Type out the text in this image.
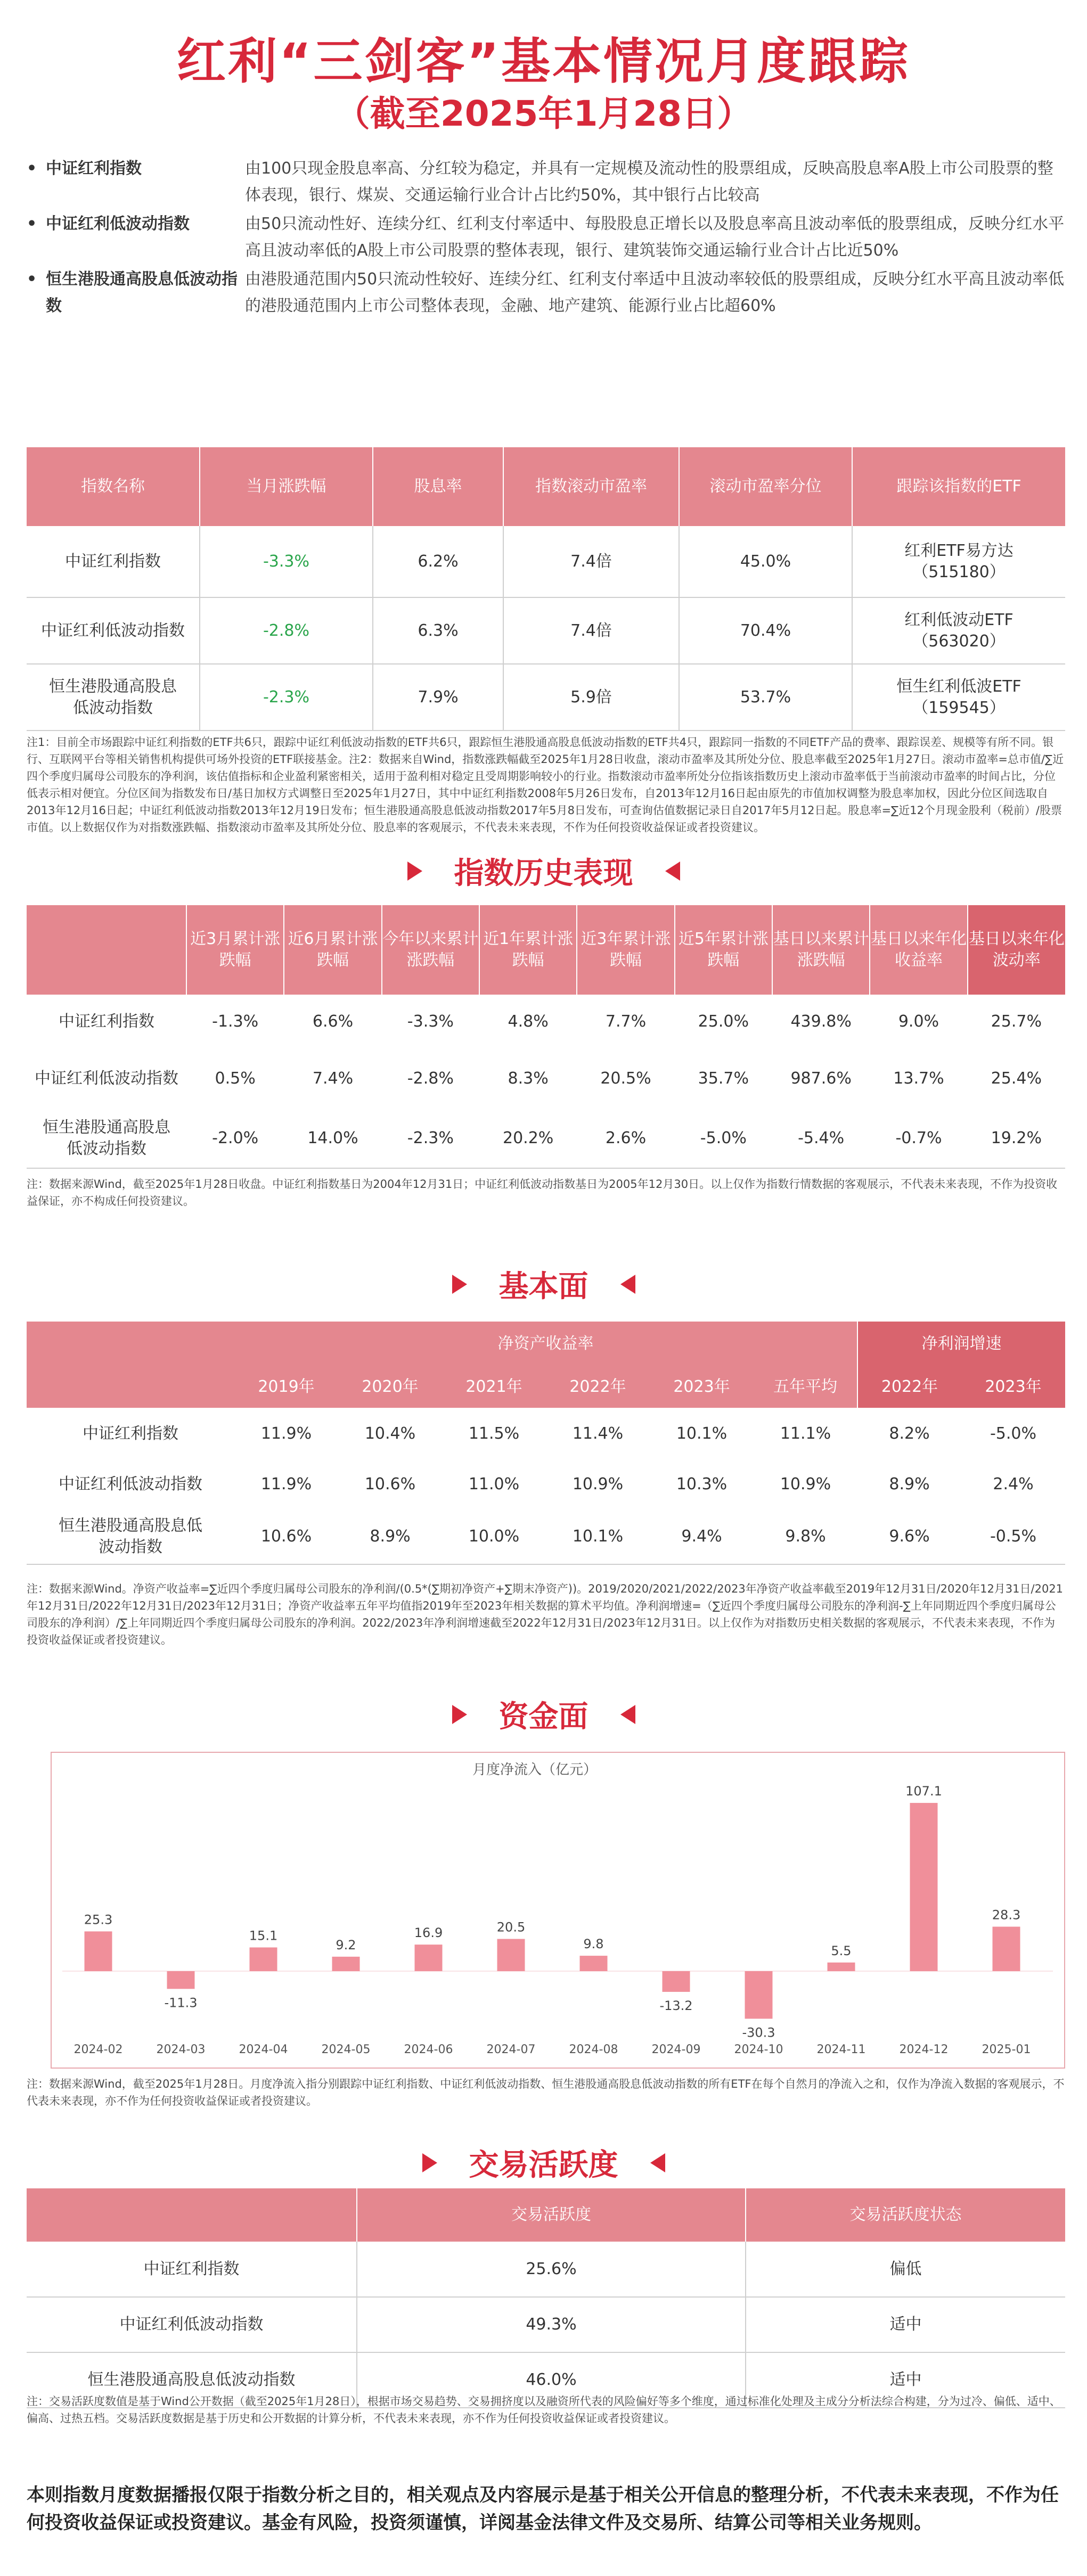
红利“三剑客”基本情况月度跟踪
（截至2025年1月28日）
• 中证红利指数	由100只现金股息率高、分红较为稳定，并具有一定规模及流动性的股票组成，反映高股息率A股上市公司股票的整体表现，银行、煤炭、交通运输行业合计占比约50%，其中银行占比较高
• 中证红利低波动指数	由50只流动性好、连续分红、红利支付率适中、每股股息正增长以及股息率高且波动率低的股票组成，反映分红水平高且波动率低的A股上市公司股票的整体表现，银行、建筑装饰交通运输行业合计占比近50%
• 恒生港股通高股息低波动指数
由港股通范围内50只流动性较好、连续分红、红利支付率适中且波动率较低的股票组成，反映分红水平高且波动率低的港股通范围内上市公司整体表现，金融、地产建筑、能源行业占比超60%
指数名称	当月涨跌幅	股息率	指数滚动市盈率	滚动市盈率分位	跟踪该指数的ETF
中证红利指数	-3.3%	6.2%	7.4倍	45.0%	红利ETF易方达
（515180）

中证红利低波动指数	-2.8%	6.3%	7.4倍	70.4%	红利低波动ETF
（563020）

恒生港股通高股息低波动指数	-2.3%	7.9%	5.9倍	53.7%	恒生红利低波ETF
（159545）
注1：目前全市场跟踪中证红利指数的ETF共6只，跟踪中证红利低波动指数的ETF共6只，跟踪恒生港股通高股息低波动指数的ETF共4只，跟踪同一指数的不同ETF产品的费率、跟踪误差、规模等有所不同。银行、互联网平台等相关销售机构提供可场外投资的ETF联接基金。注2：数据来自Wind，指数涨跌幅截至2025年1月28日收盘，滚动市盈率及其所处分位、股息率截至2025年1月27日。滚动市盈率=总市值/∑近四个季度归属母公司股东的净利润，该估值指标和企业盈利紧密相关，适用于盈利相对稳定且受周期影响较小的行业。指数滚动市盈率所处分位指该指数历史上滚动市盈率低于当前滚动市盈率的时间占比，分位低表示相对便宜。分位区间为指数发布日/基日加权方式调整日至2025年1月27日，其中中证红利指数2008年5月26日发布，自2013年12月16日起由原先的市值加权调整为股息率加权，因此分位区间选取自2013年12月16日起；中证红利低波动指数2013年12月19日发布；恒生港股通高股息低波动指数2017年5月8日发布，可查询估值数据记录日自2017年5月12日起。股息率=∑近12个月现金股利（税前）/股票市值。以上数据仅作为对指数涨跌幅、指数滚动市盈率及其所处分位、股息率的客观展示，不代表未来表现，不作为任何投资收益保证或者投资建议。
指数历史表现
	近3月累计涨跌幅	近6月累计涨跌幅	今年以来累计涨跌幅	近1年累计涨跌幅	近3年累计涨跌幅	近5年累计涨跌幅	基日以来累计涨跌幅	基日以来年化收益率	基日以来年化波动率
中证红利指数	-1.3%	6.6%	-3.3%	4.8%	7.7%	25.0%	439.8%	9.0%	25.7%
中证红利低波动指数	0.5%	7.4%	-2.8%	8.3%	20.5%	35.7%	987.6%	13.7%	25.4%
恒生港股通高股息低波动指数	-2.0%	14.0%	-2.3%	20.2%	2.6%	-5.0%	-5.4%	-0.7%	19.2%
注：数据来源Wind，截至2025年1月28日收盘。中证红利指数基日为2004年12月31日；中证红利低波动指数基日为2005年12月30日。以上仅作为指数行情数据的客观展示，不代表未来表现，不作为投资收益保证，亦不构成任何投资建议。
基本面
	净资产收益率						净利润增速	
	2019年	2020年	2021年	2022年	2023年	五年平均	2022年	2023年
中证红利指数	11.9%	10.4%	11.5%	11.4%	10.1%	11.1%	8.2%	-5.0%
中证红利低波动指数	11.9%	10.6%	11.0%	10.9%	10.3%	10.9%	8.9%	2.4%
恒生港股通高股息低波动指数	10.6%	8.9%	10.0%	10.1%	9.4%	9.8%	9.6%	-0.5%
注：数据来源Wind。净资产收益率=∑近四个季度归属母公司股东的净利润/(0.5*(∑期初净资产+∑期末净资产))。2019/2020/2021/2022/2023年净资产收益率截至2019年12月31日/2020年12月31日/2021年12月31日/2022年12月31日/2023年12月31日；净资产收益率五年平均值指2019年至2023年相关数据的算术平均值。净利润增速=（∑近四个季度归属母公司股东的净利润-∑上年同期近四个季度归属母公司股东的净利润）/∑上年同期近四个季度归属母公司股东的净利润。2022/2023年净利润增速截至2022年12月31日/2023年12月31日。以上仅作为对指数历史相关数据的客观展示，不代表未来表现，不作为投资收益保证或者投资建议。
资金面
月度净流入（亿元）
25.3
2024-02
-11.3
2024-03
15.1
2024-04
9.2
2024-05
16.9
2024-06
20.5
2024-07
9.8
2024-08
-13.2
2024-09
-30.3
2024-10
5.5
2024-11
107.1
2024-12
28.3
2025-01
注：数据来源Wind，截至2025年1月28日。月度净流入指分别跟踪中证红利指数、中证红利低波动指数、恒生港股通高股息低波动指数的所有ETF在每个自然月的净流入之和，仅作为净流入数据的客观展示，不代表未来表现，亦不作为任何投资收益保证或者投资建议。
交易活跃度
	交易活跃度	交易活跃度状态
中证红利指数	25.6%	偏低
中证红利低波动指数	49.3%	适中
恒生港股通高股息低波动指数	46.0%	适中
注：交易活跃度数值是基于Wind公开数据（截至2025年1月28日），根据市场交易趋势、交易拥挤度以及融资所代表的风险偏好等多个维度，通过标准化处理及主成分分析法综合构建，分为过冷、偏低、适中、偏高、过热五档。交易活跃度数据是基于历史和公开数据的计算分析，不代表未来表现，亦不作为任何投资收益保证或者投资建议。
本则指数月度数据播报仅限于指数分析之目的，相关观点及内容展示是基于相关公开信息的整理分析，不代表未来表现，不作为任何投资收益保证或投资建议。基金有风险，投资须谨慎，详阅基金法律文件及交易所、结算公司等相关业务规则。
